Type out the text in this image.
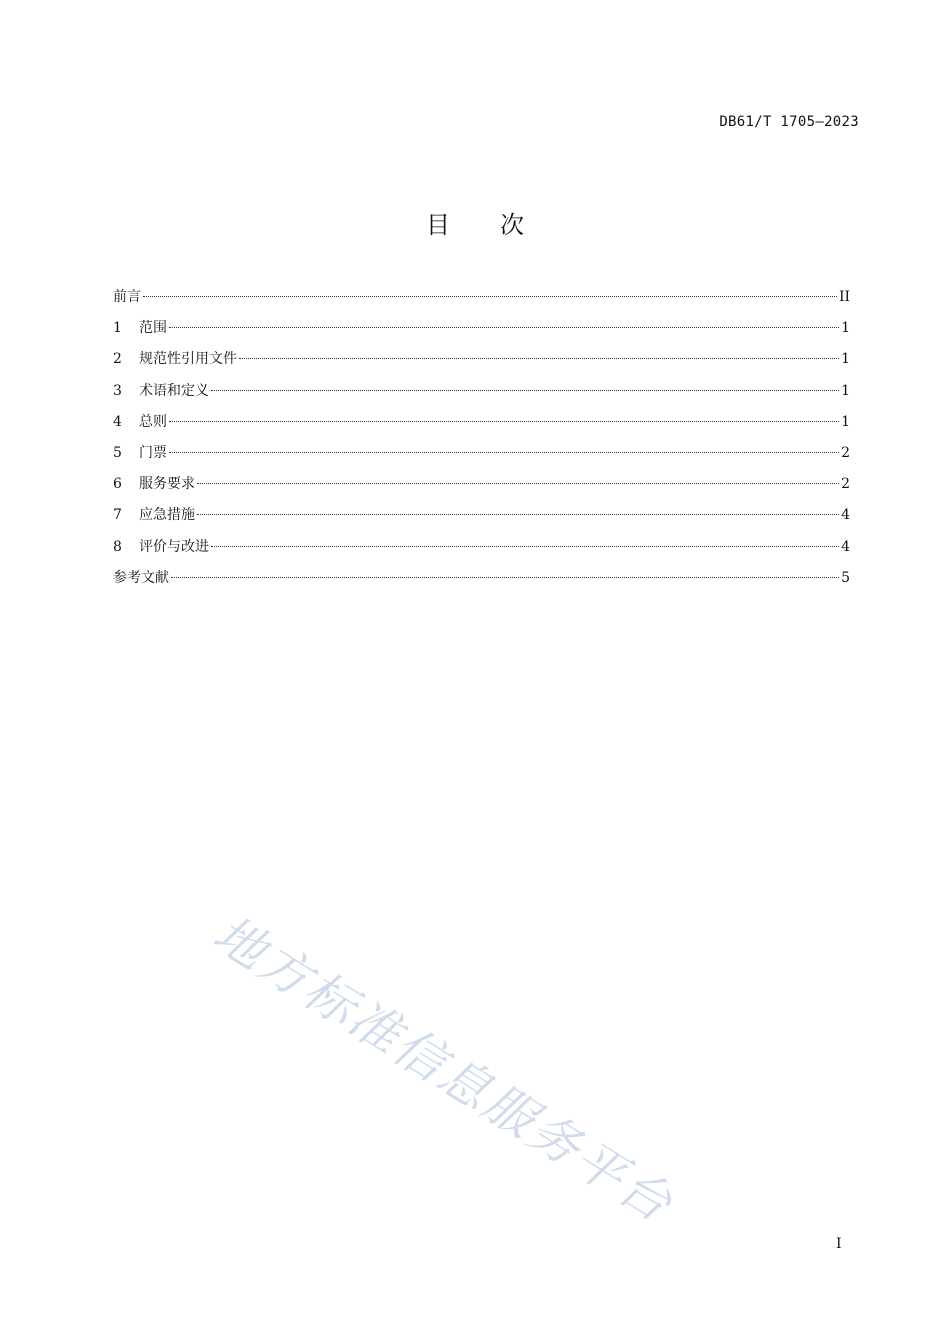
DB61/T 1705—2023
目次
前言	II
1	范围	1
2	规范性引用文件	1
3	术语和定义	1
4	总则	1
5	门票	2
6	服务要求	2
7	应急措施	4
8	评价与改进	4
参考文献	5
地方标准信息服务平台
I
